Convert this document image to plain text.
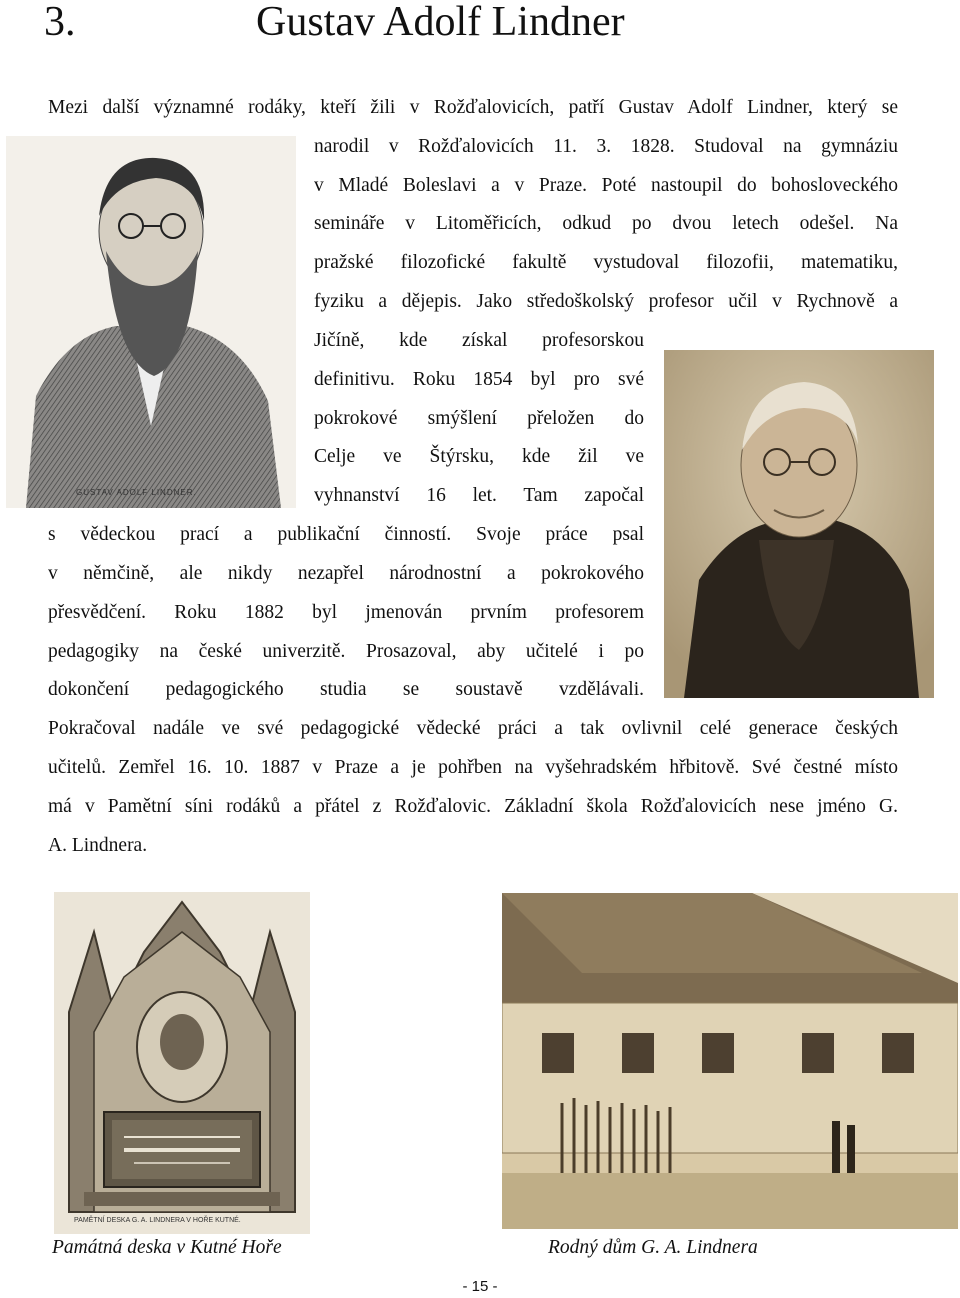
3.	Gustav Adolf Lindner
GUSTAV ADOLF LINDNER.
Mezi další významné rodáky, kteří žili v Rožďalovicích, patří Gustav Adolf Lindner, který se
narodil v Rožďalovicích 11. 3. 1828. Studoval na gymnáziu
v Mladé Boleslavi a v Praze. Poté nastoupil do bohosloveckého
semináře v Litoměřicích, odkud po dvou letech odešel. Na
pražské filozofické fakultě vystudoval filozofii, matematiku,
fyziku a dějepis. Jako středoškolský profesor učil v Rychnově a
Jičíně, kde získal profesorskou
definitivu. Roku 1854 byl pro své
pokrokové smýšlení přeložen do
Celje ve Štýrsku, kde žil ve
vyhnanství 16 let. Tam započal
s vědeckou prací a publikační činností. Svoje práce psal
v němčině, ale nikdy nezapřel národnostní a pokrokového
přesvědčení. Roku 1882 byl jmenován prvním profesorem
pedagogiky na české univerzitě. Prosazoval, aby učitelé i po
dokončení pedagogického studia se soustavě vzdělávali.
Pokračoval nadále ve své pedagogické vědecké práci a tak ovlivnil celé generace českých
učitelů. Zemřel 16. 10. 1887 v Praze a je pohřben na vyšehradském hřbitově. Své čestné místo
má v Pamětní síni rodáků a přátel z Rožďalovic. Základní škola Rožďalovicích nese jméno G.
A. Lindnera.
PAMĚTNÍ DESKA G. A. LINDNERA V HOŘE KUTNÉ.
Památná deska v Kutné Hoře	Rodný dům G. A. Lindnera
- 15 -
